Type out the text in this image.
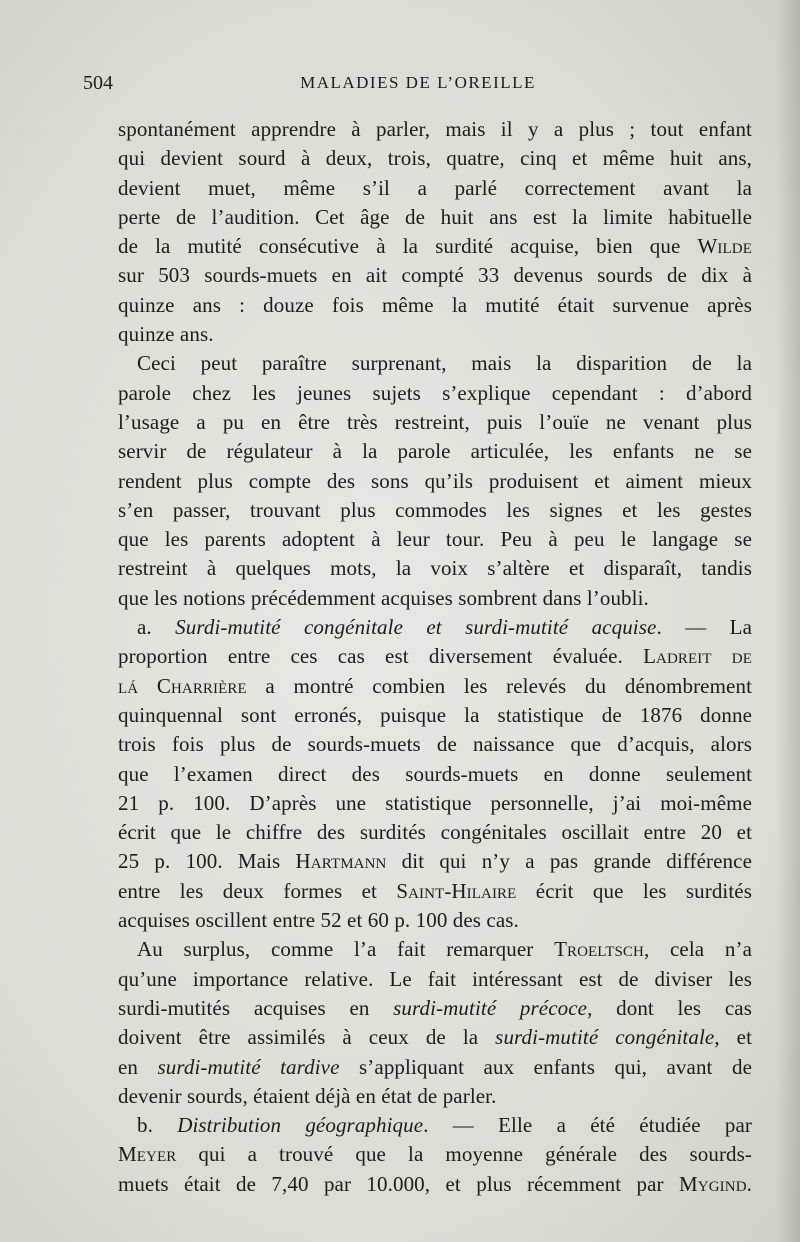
504	MALADIES DE L’OREILLE
spontanément apprendre à parler, mais il y a plus ; tout enfant
qui devient sourd à deux, trois, quatre, cinq et même huit ans,
devient muet, même s’il a parlé correctement avant la
perte de l’audition. Cet âge de huit ans est la limite habituelle
de la mutité consécutive à la surdité acquise, bien que Wilde
sur 503 sourds-muets en ait compté 33 devenus sourds de dix à
quinze ans : douze fois même la mutité était survenue après
quinze ans.
Ceci peut paraître surprenant, mais la disparition de la
parole chez les jeunes sujets s’explique cependant : d’abord
l’usage a pu en être très restreint, puis l’ouïe ne venant plus
servir de régulateur à la parole articulée, les enfants ne se
rendent plus compte des sons qu’ils produisent et aiment mieux
s’en passer, trouvant plus commodes les signes et les gestes
que les parents adoptent à leur tour. Peu à peu le langage se
restreint à quelques mots, la voix s’altère et disparaît, tandis
que les notions précédemment acquises sombrent dans l’oubli.
a. Surdi-mutité congénitale et surdi-mutité acquise. — La
proportion entre ces cas est diversement évaluée. Ladreit de
lá Charrière a montré combien les relevés du dénombrement
quinquennal sont erronés, puisque la statistique de 1876 donne
trois fois plus de sourds-muets de naissance que d’acquis, alors
que l’examen direct des sourds-muets en donne seulement
21 p. 100. D’après une statistique personnelle, j’ai moi-même
écrit que le chiffre des surdités congénitales oscillait entre 20 et
25 p. 100. Mais Hartmann dit qui n’y a pas grande différence
entre les deux formes et Saint-Hilaire écrit que les surdités
acquises oscillent entre 52 et 60 p. 100 des cas.
Au surplus, comme l’a fait remarquer Troeltsch, cela n’a
qu’une importance relative. Le fait intéressant est de diviser les
surdi-mutités acquises en surdi-mutité précoce, dont les cas
doivent être assimilés à ceux de la surdi-mutité congénitale, et
en surdi-mutité tardive s’appliquant aux enfants qui, avant de
devenir sourds, étaient déjà en état de parler.
b. Distribution géographique. — Elle a été étudiée par
Meyer qui a trouvé que la moyenne générale des sourds-
muets était de 7,40 par 10.000, et plus récemment par Mygind.
